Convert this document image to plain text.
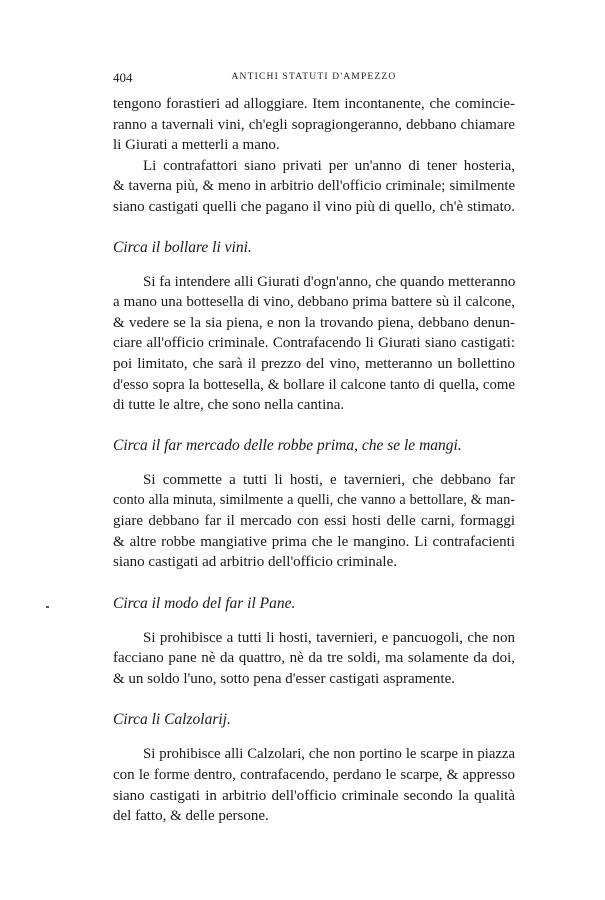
404	ANTICHI STATUTI D'AMPEZZO
tengono forastieri ad alloggiare. Item incontanente, che comincie-
ranno a tavernali vini, ch'egli sopragiongeranno, debbano chiamare
li Giurati a metterli a mano.
Li contrafattori siano privati per un'anno di tener hosteria,
& taverna più, & meno in arbitrio dell'officio criminale; similmente
siano castigati quelli che pagano il vino più di quello, ch'è stimato.

Circa il bollare li vini.

Si fa intendere alli Giurati d'ogn'anno, che quando metteranno
a mano una bottesella di vino, debbano prima battere sù il calcone,
& vedere se la sia piena, e non la trovando piena, debbano denun-
ciare all'officio criminale. Contrafacendo li Giurati siano castigati:
poi limitato, che sarà il prezzo del vino, metteranno un bollettino
d'esso sopra la bottesella, & bollare il calcone tanto di quella, come
di tutte le altre, che sono nella cantina.

Circa il far mercado delle robbe prima, che se le mangi.

Si commette a tutti li hosti, e tavernieri, che debbano far
conto alla minuta, similmente a quelli, che vanno a bettollare, & man-
giare debbano far il mercado con essi hosti delle carni, formaggi
& altre robbe mangiative prima che le mangino. Li contrafacienti
siano castigati ad arbitrio dell'officio criminale.

Circa il modo del far il Pane.

Si prohibisce a tutti li hosti, tavernieri, e pancuogoli, che non
facciano pane nè da quattro, nè da tre soldi, ma solamente da doi,
& un soldo l'uno, sotto pena d'esser castigati aspramente.

Circa li Calzolarij.

Si prohibisce alli Calzolari, che non portino le scarpe in piazza
con le forme dentro, contrafacendo, perdano le scarpe, & appresso
siano castigati in arbitrio dell'officio criminale secondo la qualità
del fatto, & delle persone.
